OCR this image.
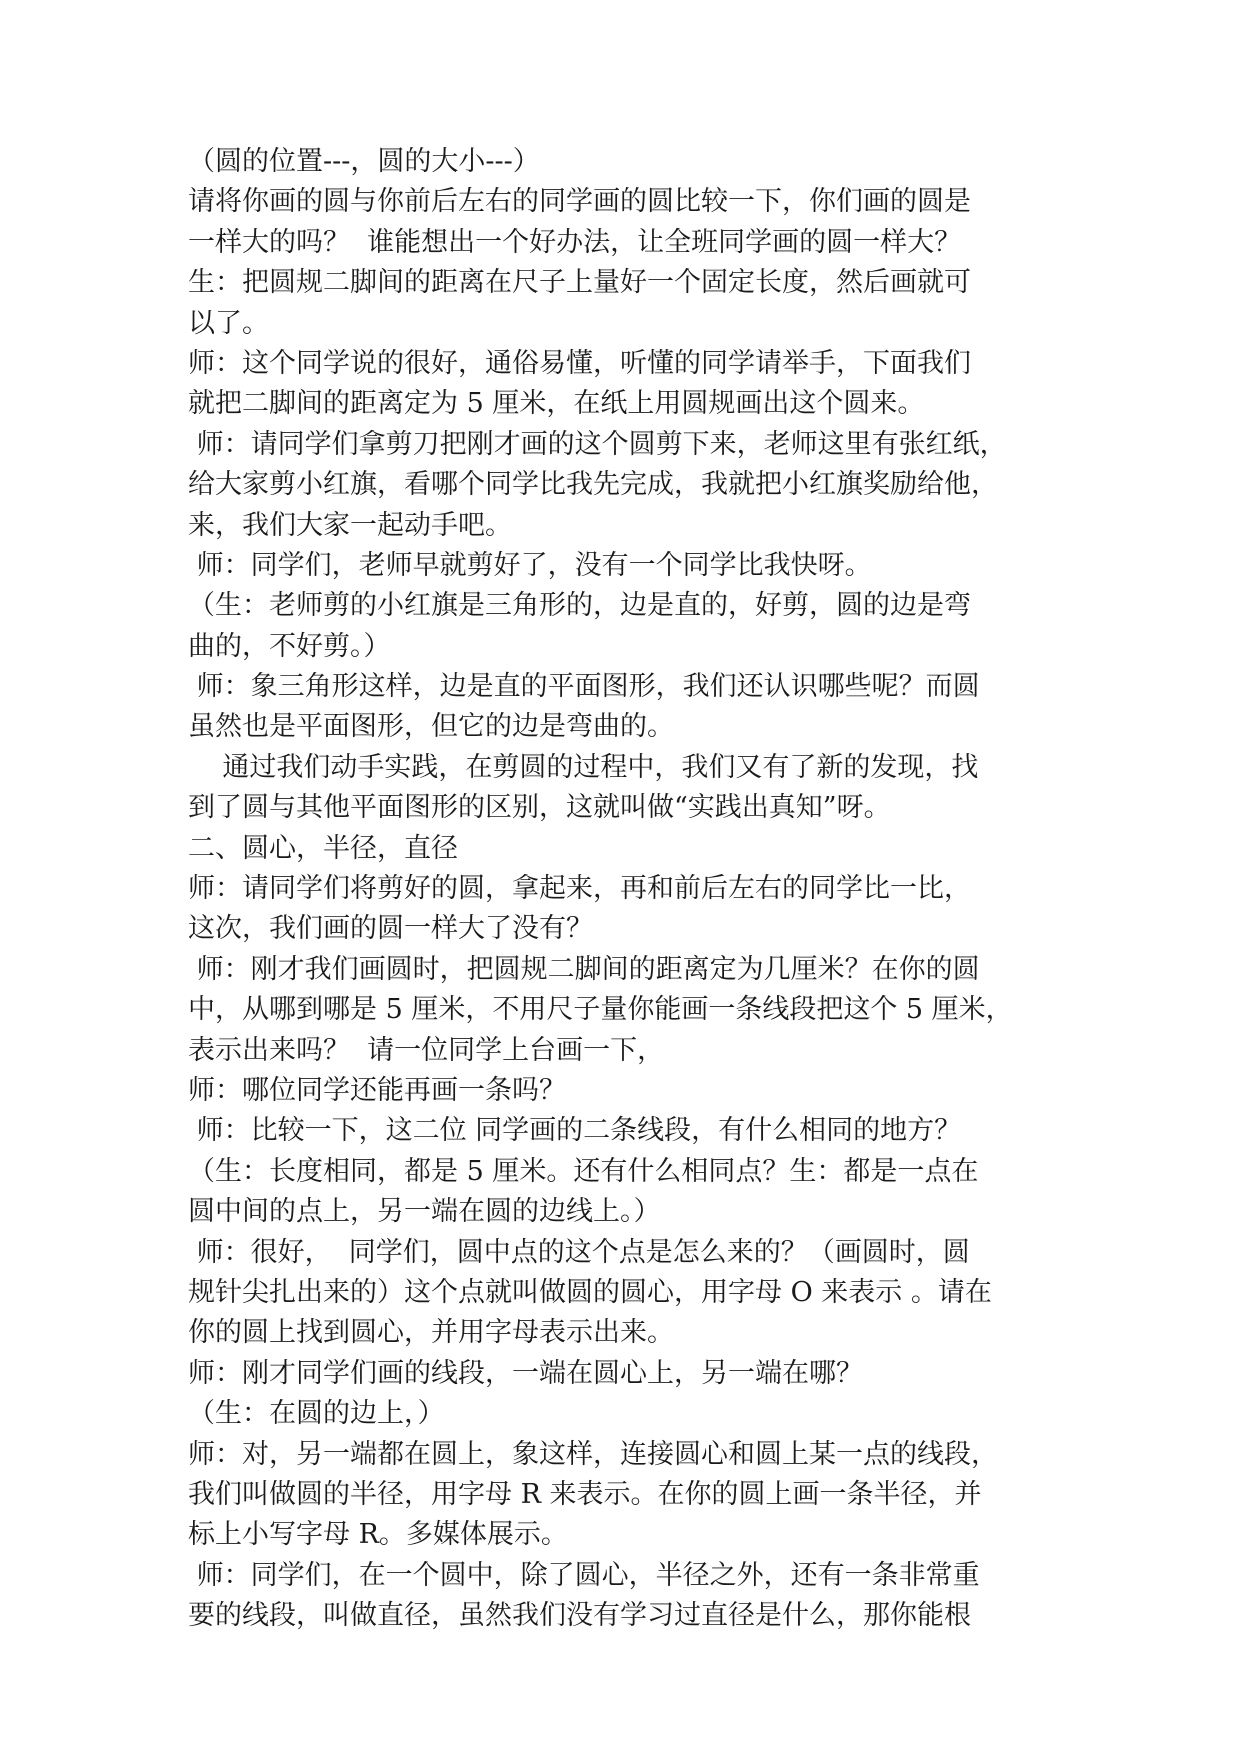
（圆的位置---，圆的大小---）
请将你画的圆与你前后左右的同学画的圆比较一下，你们画的圆是
一样大的吗？  谁能想出一个好办法，让全班同学画的圆一样大？
生：把圆规二脚间的距离在尺子上量好一个固定长度，然后画就可
以了。
师：这个同学说的很好，通俗易懂，听懂的同学请举手，下面我们
就把二脚间的距离定为 5 厘米，在纸上用圆规画出这个圆来。
师：请同学们拿剪刀把刚才画的这个圆剪下来，老师这里有张红纸，
给大家剪小红旗，看哪个同学比我先完成，我就把小红旗奖励给他，
来，我们大家一起动手吧。
师：同学们，老师早就剪好了，没有一个同学比我快呀。
（生：老师剪的小红旗是三角形的，边是直的，好剪，圆的边是弯
曲的，不好剪。）
师：象三角形这样，边是直的平面图形，我们还认识哪些呢？而圆
虽然也是平面图形，但它的边是弯曲的。
通过我们动手实践，在剪圆的过程中，我们又有了新的发现，找
到了圆与其他平面图形的区别，这就叫做“实践出真知”呀。
二、圆心，半径，直径
师：请同学们将剪好的圆，拿起来，再和前后左右的同学比一比，
这次，我们画的圆一样大了没有？
师：刚才我们画圆时，把圆规二脚间的距离定为几厘米？在你的圆
中，从哪到哪是 5 厘米，不用尺子量你能画一条线段把这个 5 厘米，
表示出来吗？  请一位同学上台画一下，
师：哪位同学还能再画一条吗？
师：比较一下，这二位 同学画的二条线段，有什么相同的地方？
（生：长度相同，都是 5 厘米。还有什么相同点？生：都是一点在
圆中间的点上，另一端在圆的边线上。）
师：很好，  同学们，圆中点的这个点是怎么来的？（画圆时，圆
规针尖扎出来的）这个点就叫做圆的圆心，用字母 O 来表示 。请在
你的圆上找到圆心，并用字母表示出来。
师：刚才同学们画的线段，一端在圆心上，另一端在哪？
（生：在圆的边上，）
师：对，另一端都在圆上，象这样，连接圆心和圆上某一点的线段，
我们叫做圆的半径，用字母 R 来表示。在你的圆上画一条半径，并
标上小写字母 R。多媒体展示。
师：同学们，在一个圆中，除了圆心，半径之外，还有一条非常重
要的线段，叫做直径，虽然我们没有学习过直径是什么，那你能根
